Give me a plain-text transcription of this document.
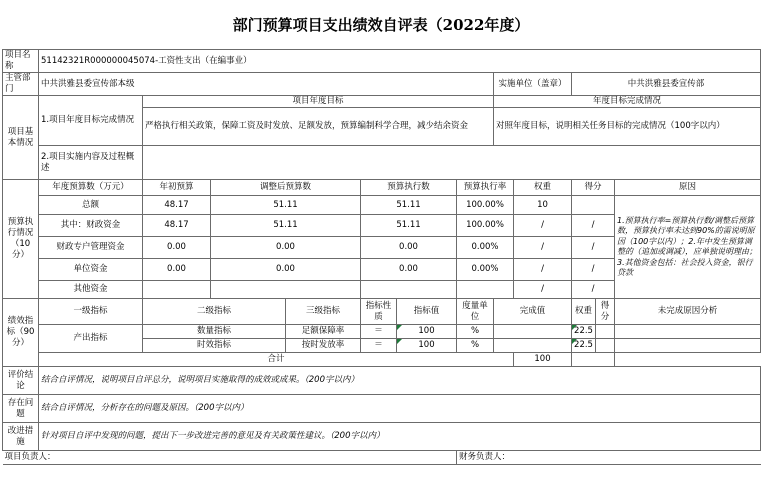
部门预算项目支出绩效自评表（2022年度）
项目名称	51142321R000000045074-工资性支出（在编事业）											
主管部门	中共洪雅县委宣传部本级							实施单位（盖章）		中共洪雅县委宣传部		
项目基本情况	1.项目年度目标完成情况	项目年度目标						年度目标完成情况				
		严格执行相关政策，保障工资及时发放、足额发放，预算编制科学合理，减少结余资金						对照年度目标，说明相关任务目标的完成情况（100字以内）				
	2.项目实施内容及过程概述											

预算执行情况（10分）	年度预算数（万元）	年初预算	调整后预算数		预算执行数		预算执行率		权重	得分		原因
	总额	48.17	51.11		51.11		100.00%		10			1.预算执行率=预算执行数/调整后预算数，预算执行率未达到90%的需说明原因（100字以内）；2.年中发生预算调整的（追加或调减），应单独说明理由；3.其他资金包括：社会投入资金，银行贷款
	其中：财政资金	48.17	51.11		51.11		100.00%		/	/		
	财政专户管理资金	0.00	0.00		0.00		0.00%		/	/		
	单位资金	0.00	0.00		0.00		0.00%		/	/		
	其他资金								/	/		
绩效指标（90分）	一级指标	二级指标		三级指标	指标性质	指标值	度量单位	完成值		权重	得分	未完成原因分析
	产出指标	数量指标		足额保障率	＝	100	%			22.5		
		时效指标		按时发放率	＝	100	%			22.5		
	合计								100			
评价结论	结合自评情况，说明项目自评总分，说明项目实施取得的成效或成果。（200字以内）											
存在问题	结合自评情况，分析存在的问题及原因。（200字以内）											
改进措施	针对项目自评中发现的问题，提出下一步改进完善的意见及有关政策性建议。（200字以内）											
项目负责人：							财务负责人：					
